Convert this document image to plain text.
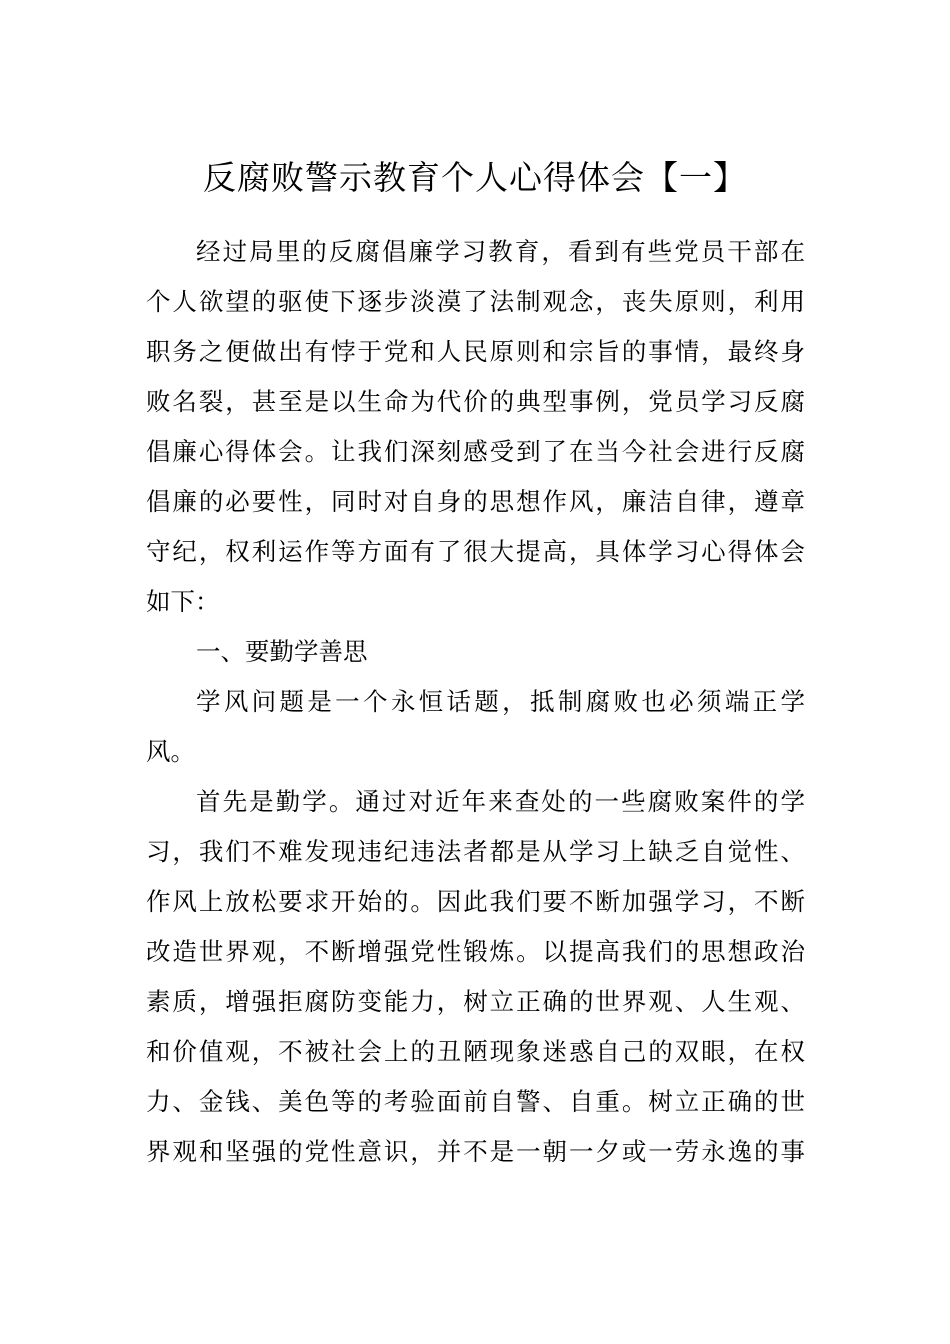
反腐败警示教育个人心得体会【一】

经过局里的反腐倡廉学习教育，看到有些党员干部在

个人欲望的驱使下逐步淡漠了法制观念，丧失原则，利用

职务之便做出有悖于党和人民原则和宗旨的事情，最终身

败名裂，甚至是以生命为代价的典型事例，党员学习反腐

倡廉心得体会。让我们深刻感受到了在当今社会进行反腐

倡廉的必要性，同时对自身的思想作风，廉洁自律，遵章

守纪，权利运作等方面有了很大提高，具体学习心得体会

如下：

一、要勤学善思

学风问题是一个永恒话题，抵制腐败也必须端正学

风。

首先是勤学。通过对近年来查处的一些腐败案件的学

习，我们不难发现违纪违法者都是从学习上缺乏自觉性、

作风上放松要求开始的。因此我们要不断加强学习，不断

改造世界观，不断增强党性锻炼。以提高我们的思想政治

素质，增强拒腐防变能力，树立正确的世界观、人生观、

和价值观，不被社会上的丑陋现象迷惑自己的双眼，在权

力、金钱、美色等的考验面前自警、自重。树立正确的世

界观和坚强的党性意识，并不是一朝一夕或一劳永逸的事
